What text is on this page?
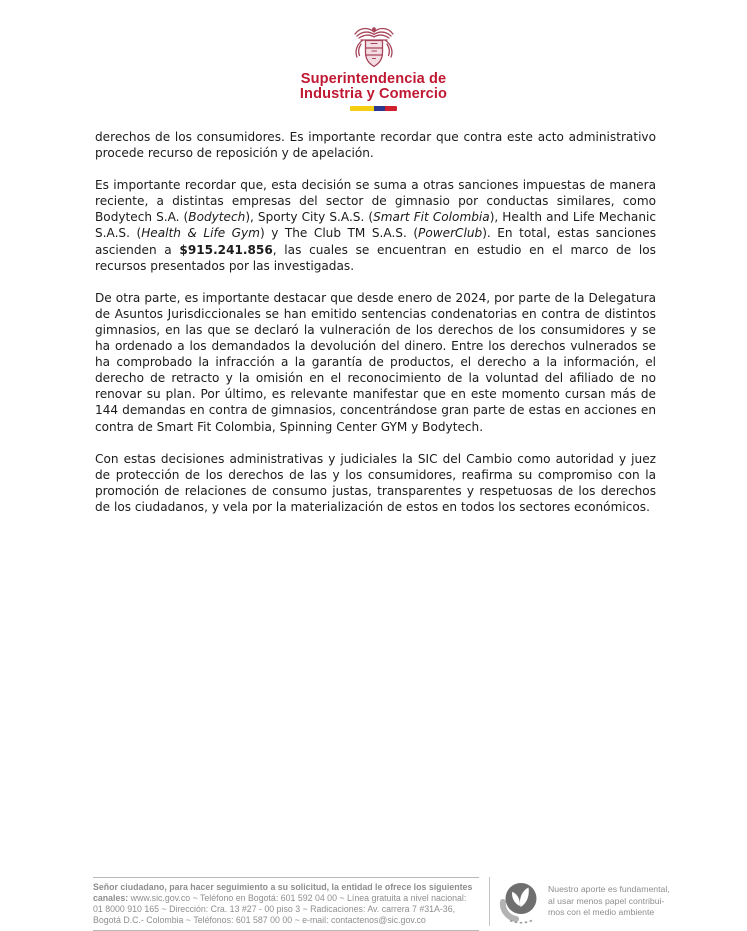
Superintendencia de
Industria y Comercio

derechos de los consumidores. Es importante recordar que contra este acto administrativo procede recurso de reposición y de apelación.

Es importante recordar que, esta decisión se suma a otras sanciones impuestas de manera reciente, a distintas empresas del sector de gimnasio por conductas similares, como Bodytech S.A. (Bodytech), Sporty City S.A.S. (Smart Fit Colombia), Health and Life Mechanic S.A.S. (Health & Life Gym) y The Club TM S.A.S. (PowerClub). En total, estas sanciones ascienden a $915.241.856, las cuales se encuentran en estudio en el marco de los recursos presentados por las investigadas.

De otra parte, es importante destacar que desde enero de 2024, por parte de la Delegatura de Asuntos Jurisdiccionales se han emitido sentencias condenatorias en contra de distintos gimnasios, en las que se declaró la vulneración de los derechos de los consumidores y se ha ordenado a los demandados la devolución del dinero. Entre los derechos vulnerados se ha comprobado la infracción a la garantía de productos, el derecho a la información, el derecho de retracto y la omisión en el reconocimiento de la voluntad del afiliado de no renovar su plan. Por último, es relevante manifestar que en este momento cursan más de 144 demandas en contra de gimnasios, concentrándose gran parte de estas en acciones en contra de Smart Fit Colombia, Spinning Center GYM y Bodytech.

Con estas decisiones administrativas y judiciales la SIC del Cambio como autoridad y juez de protección de los derechos de las y los consumidores, reafirma su compromiso con la promoción de relaciones de consumo justas, transparentes y respetuosas de los derechos de los ciudadanos, y vela por la materialización de estos en todos los sectores económicos.

Señor ciudadano, para hacer seguimiento a su solicitud, la entidad le ofrece los siguientes
canales: www.sic.gov.co ~ Teléfono en Bogotá: 601 592 04 00 ~ Línea gratuita a nivel nacional:
01 8000 910 165 ~ Dirección: Cra. 13 #27 - 00 piso 3 ~ Radicaciones: Av. carrera 7 #31A-36,
Bogotá D.C.- Colombia ~ Teléfonos: 601 587 00 00 ~ e-mail: contactenos@sic.gov.co
Nuestro aporte es fundamental,
al usar menos papel contribui-
mos con el medio ambiente
